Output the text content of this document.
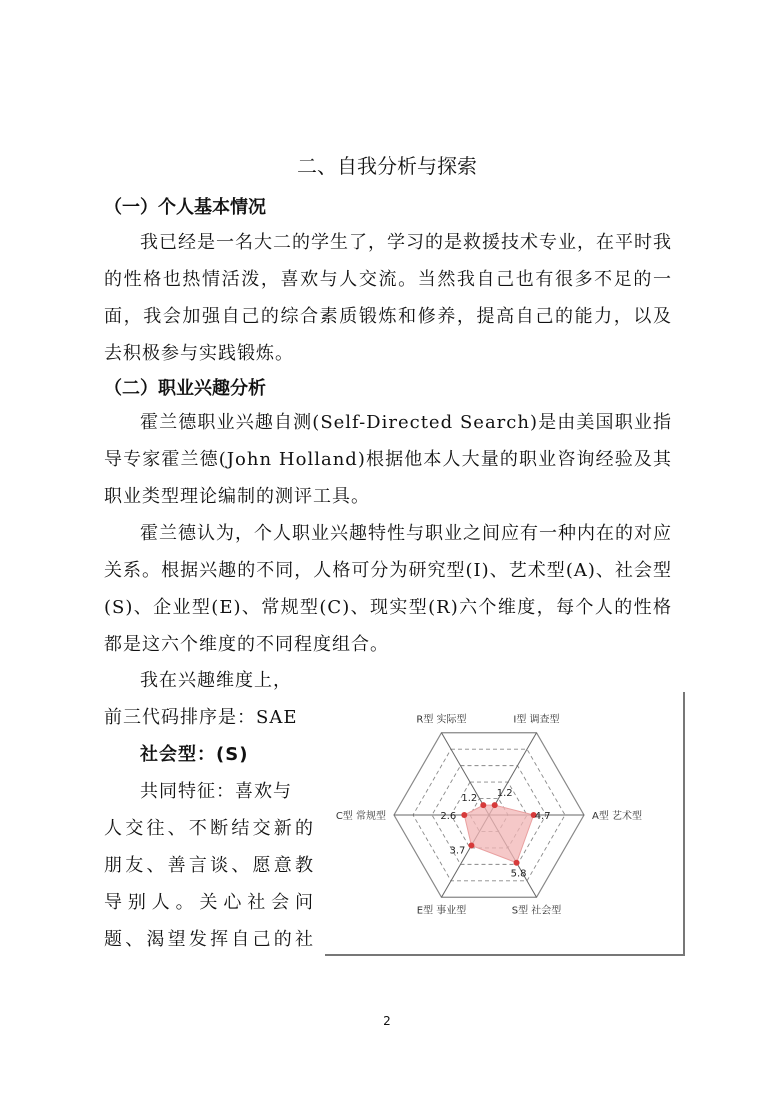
二、自我分析与探索
（一）个人基本情况
我已经是一名大二的学生了，学习的是救援技术专业，在平时我的性格也热情活泼，喜欢与人交流。当然我自己也有很多不足的一面，我会加强自己的综合素质锻炼和修养，提高自己的能力，以及去积极参与实践锻炼。
（二）职业兴趣分析
霍兰德职业兴趣自测(Self-Directed Search)是由美国职业指导专家霍兰德(John Holland)根据他本人大量的职业咨询经验及其职业类型理论编制的测评工具。
霍兰德认为，个人职业兴趣特性与职业之间应有一种内在的对应关系。根据兴趣的不同，人格可分为研究型(I)、艺术型(A)、社会型(S)、企业型(E)、常规型(C)、现实型(R)六个维度，每个人的性格都是这六个维度的不同程度组合。

我在兴趣维度上，

前三代码排序是：SAE

社会型：(S)

共同特征：喜欢与

人交往、不断结交新的

朋友、善言谈、愿意教

导别人。关心社会问

题、渴望发挥自己的社

1.2 1.2
4.7
5.8
3.7
2.6
R型 实际型	I型 调查型
A型 艺术型
S型 社会型
E型 事业型
C型 常规型
2
